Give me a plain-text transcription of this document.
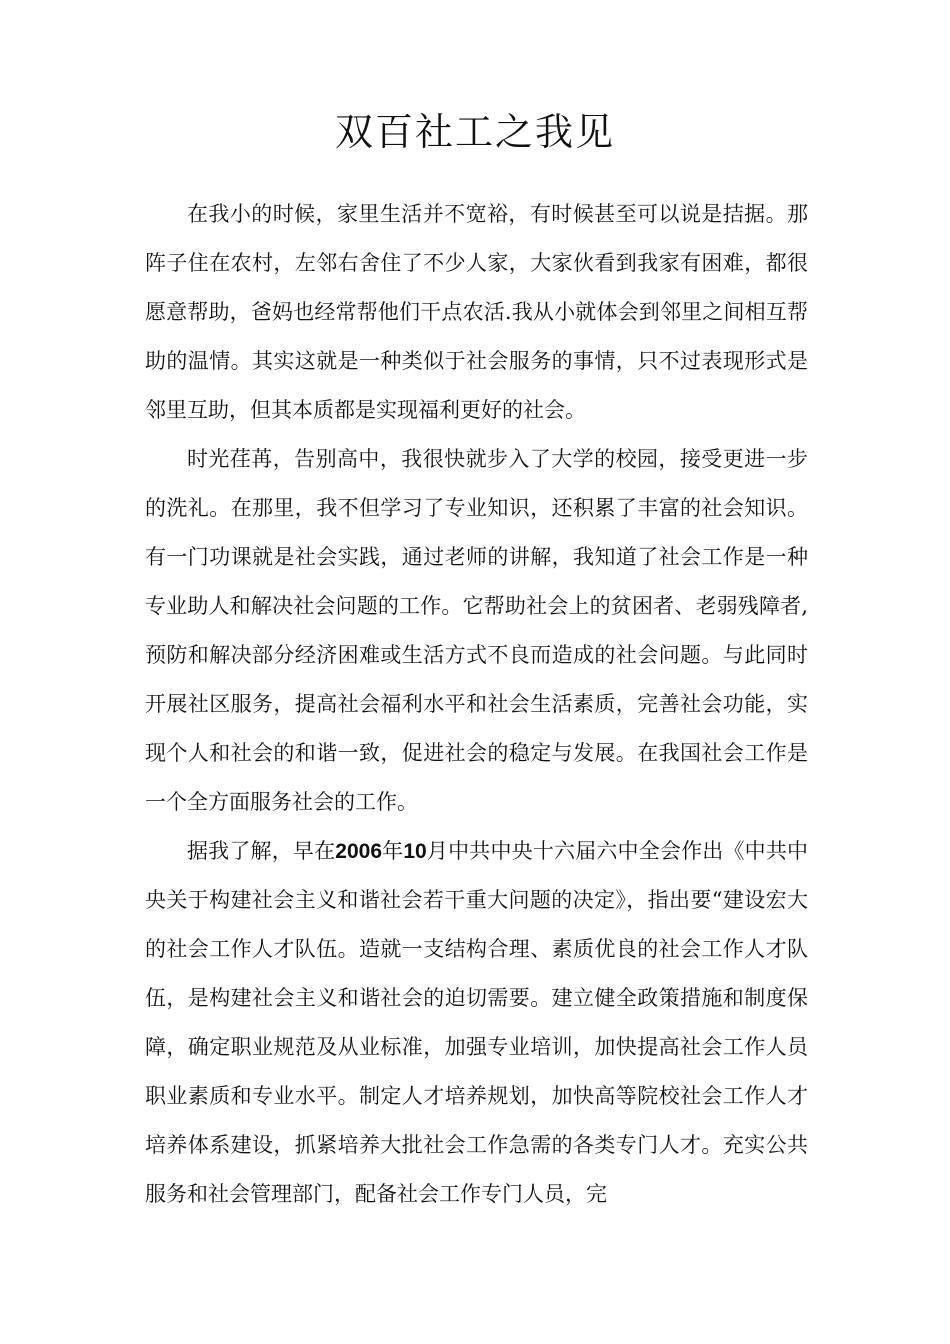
双百社工之我见

在我小的时候，家里生活并不宽裕，有时候甚至可以说是拮据。那阵子住在农村，左邻右舍住了不少人家，大家伙看到我家有困难，都很愿意帮助，爸妈也经常帮他们干点农活.我从小就体会到邻里之间相互帮助的温情。其实这就是一种类似于社会服务的事情，只不过表现形式是邻里互助，但其本质都是实现福利更好的社会。

时光荏苒，告别高中，我很快就步入了大学的校园，接受更进一步的洗礼。在那里，我不但学习了专业知识，还积累了丰富的社会知识。有一门功课就是社会实践，通过老师的讲解，我知道了社会工作是一种专业助人和解决社会问题的工作。它帮助社会上的贫困者、老弱残障者,预防和解决部分经济困难或生活方式不良而造成的社会问题。与此同时开展社区服务，提高社会福利水平和社会生活素质，完善社会功能，实现个人和社会的和谐一致，促进社会的稳定与发展。在我国社会工作是一个全方面服务社会的工作。

据我了解，早在2006年10月中共中央十六届六中全会作出《中共中央关于构建社会主义和谐社会若干重大问题的决定》，指出要“建设宏大的社会工作人才队伍。造就一支结构合理、素质优良的社会工作人才队伍，是构建社会主义和谐社会的迫切需要。建立健全政策措施和制度保障，确定职业规范及从业标准，加强专业培训，加快提高社会工作人员职业素质和专业水平。制定人才培养规划，加快高等院校社会工作人才培养体系建设，抓紧培养大批社会工作急需的各类专门人才。充实公共服务和社会管理部门，配备社会工作专门人员，完
